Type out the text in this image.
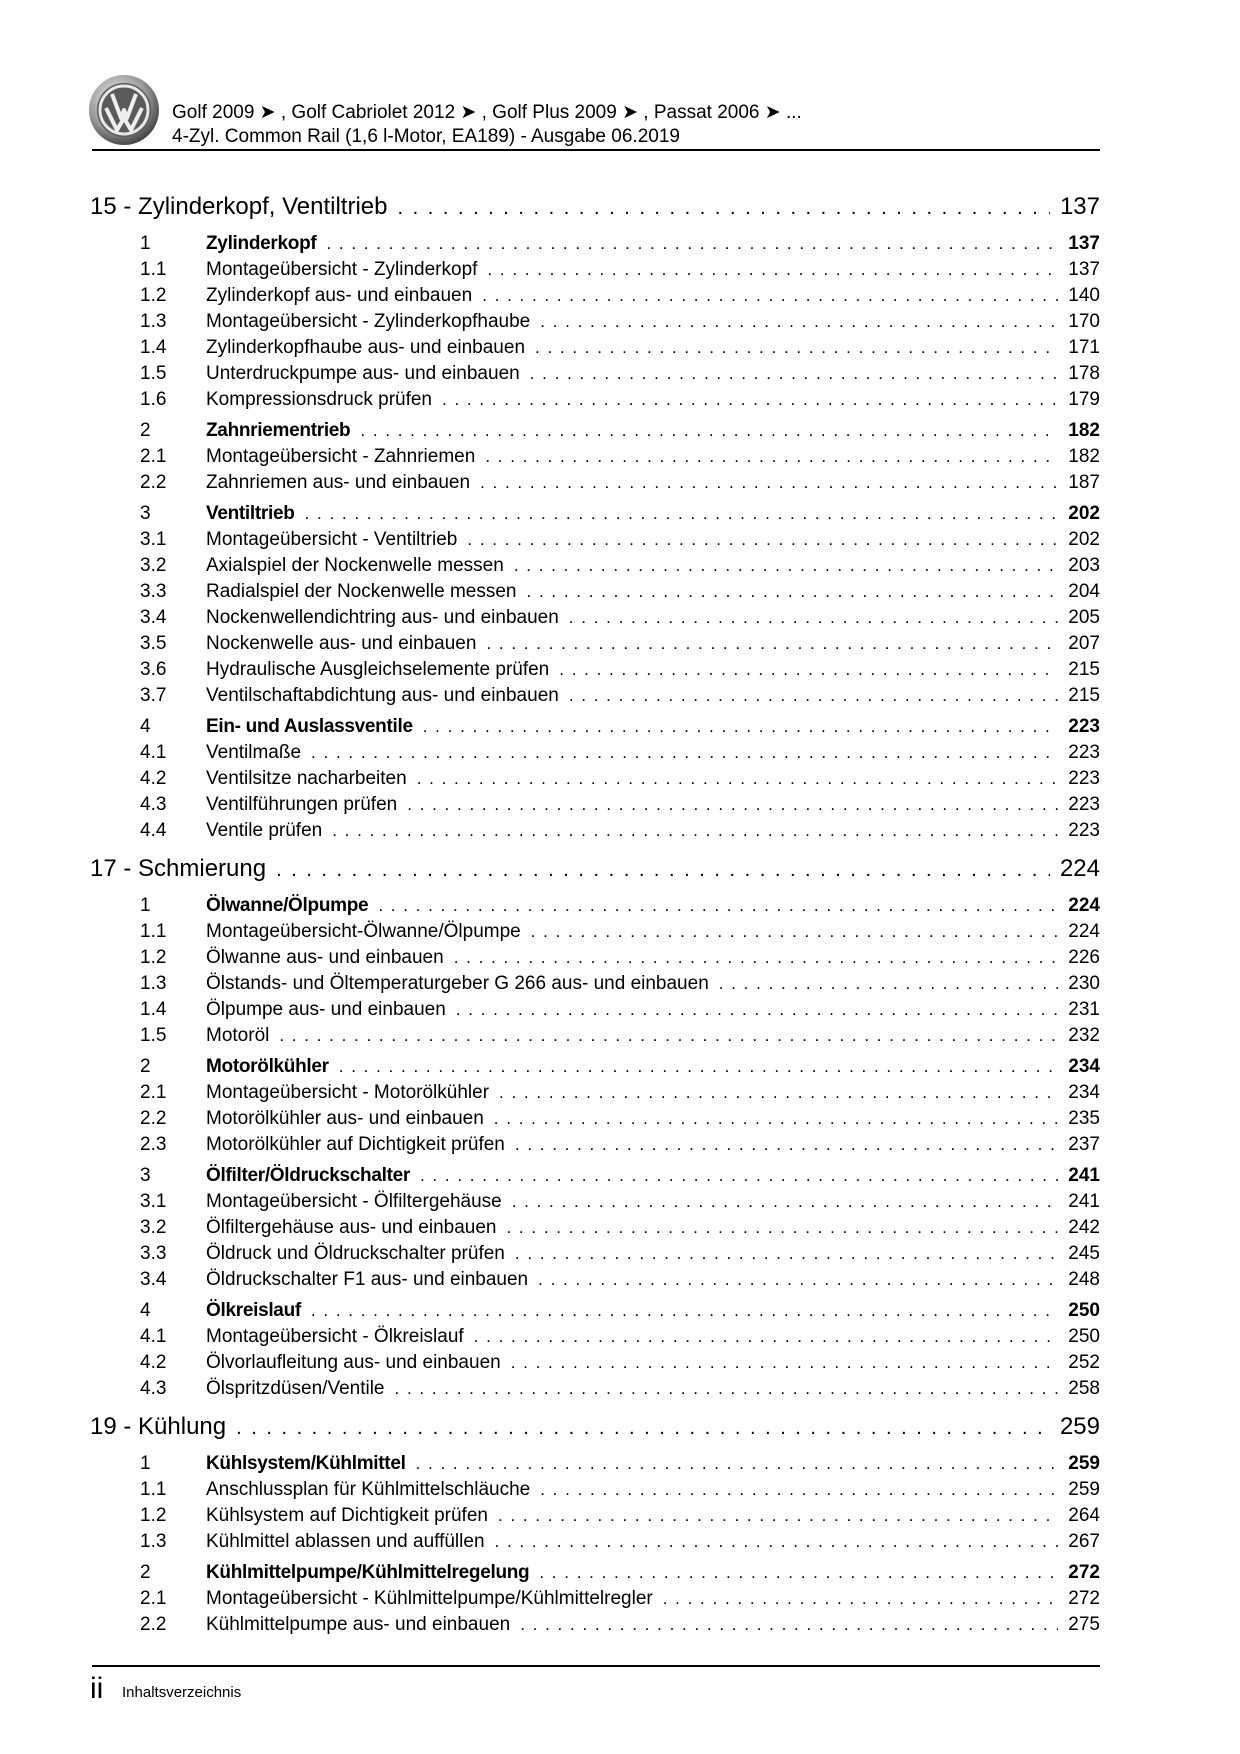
Golf 2009 ➤ , Golf Cabriolet 2012 ➤ , Golf Plus 2009 ➤ , Passat 2006 ➤ ...
4-Zyl. Common Rail (1,6 l-Motor, EA189) - Ausgabe 06.2019
15 - Zylinderkopf, Ventiltrieb . . .	137
1	Zylinderkopf . . .	137
1.1	Montageübersicht - Zylinderkopf . . .	137
1.2	Zylinderkopf aus- und einbauen . . .	140
1.3	Montageübersicht - Zylinderkopfhaube . . .	170
1.4	Zylinderkopfhaube aus- und einbauen . . .	171
1.5	Unterdruckpumpe aus- und einbauen . . .	178
1.6	Kompressionsdruck prüfen . . .	179
2	Zahnriementrieb . . .	182
2.1	Montageübersicht - Zahnriemen . . .	182
2.2	Zahnriemen aus- und einbauen . . .	187
3	Ventiltrieb . . .	202
3.1	Montageübersicht - Ventiltrieb . . .	202
3.2	Axialspiel der Nockenwelle messen . . .	203
3.3	Radialspiel der Nockenwelle messen . . .	204
3.4	Nockenwellendichtring aus- und einbauen . . .	205
3.5	Nockenwelle aus- und einbauen . . .	207
3.6	Hydraulische Ausgleichselemente prüfen . . .	215
3.7	Ventilschaftabdichtung aus- und einbauen . . .	215
4	Ein- und Auslassventile . . .	223
4.1	Ventilmaße . . .	223
4.2	Ventilsitze nacharbeiten . . .	223
4.3	Ventilführungen prüfen . . .	223
4.4	Ventile prüfen . . .	223
17 - Schmierung . . .	224
1	Ölwanne/Ölpumpe . . .	224
1.1	Montageübersicht-Ölwanne/Ölpumpe . . .	224
1.2	Ölwanne aus- und einbauen . . .	226
1.3	Ölstands- und Öltemperaturgeber G 266 aus- und einbauen . . .	230
1.4	Ölpumpe aus- und einbauen . . .	231
1.5	Motoröl . . .	232
2	Motorölkühler . . .	234
2.1	Montageübersicht - Motorölkühler . . .	234
2.2	Motorölkühler aus- und einbauen . . .	235
2.3	Motorölkühler auf Dichtigkeit prüfen . . .	237
3	Ölfilter/Öldruckschalter . . .	241
3.1	Montageübersicht - Ölfiltergehäuse . . .	241
3.2	Ölfiltergehäuse aus- und einbauen . . .	242
3.3	Öldruck und Öldruckschalter prüfen . . .	245
3.4	Öldruckschalter F1 aus- und einbauen . . .	248
4	Ölkreislauf . . .	250
4.1	Montageübersicht - Ölkreislauf . . .	250
4.2	Ölvorlaufleitung aus- und einbauen . . .	252
4.3	Ölspritzdüsen/Ventile . . .	258
19 - Kühlung . . .	259
1	Kühlsystem/Kühlmittel . . .	259
1.1	Anschlussplan für Kühlmittelschläuche . . .	259
1.2	Kühlsystem auf Dichtigkeit prüfen . . .	264
1.3	Kühlmittel ablassen und auffüllen . . .	267
2	Kühlmittelpumpe/Kühlmittelregelung . . .	272
2.1	Montageübersicht - Kühlmittelpumpe/Kühlmittelregler . . .	272
2.2	Kühlmittelpumpe aus- und einbauen . . .	275
ii Inhaltsverzeichnis
